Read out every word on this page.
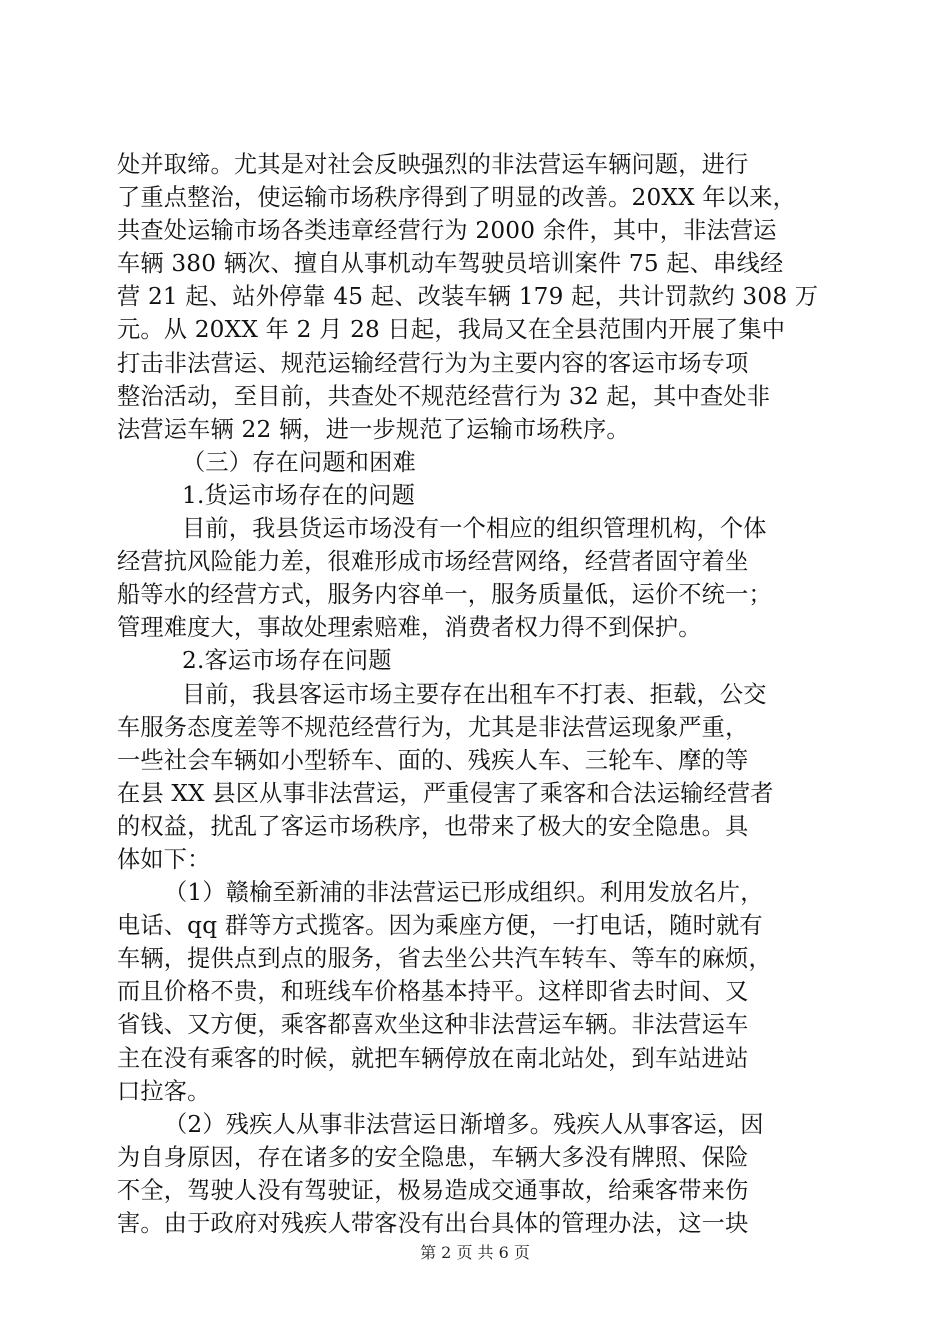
处并取缔。尤其是对社会反映强烈的非法营运车辆问题，进行
了重点整治，使运输市场秩序得到了明显的改善。20XX 年以来，
共查处运输市场各类违章经营行为 2000 余件，其中，非法营运
车辆 380 辆次、擅自从事机动车驾驶员培训案件 75 起、串线经
营 21 起、站外停靠 45 起、改装车辆 179 起，共计罚款约 308 万
元。从 20XX 年 2 月 28 日起，我局又在全县范围内开展了集中
打击非法营运、规范运输经营行为为主要内容的客运市场专项
整治活动，至目前，共查处不规范经营行为 32 起，其中查处非
法营运车辆 22 辆，进一步规范了运输市场秩序。
（三）存在问题和困难
1.货运市场存在的问题
目前，我县货运市场没有一个相应的组织管理机构，个体
经营抗风险能力差，很难形成市场经营网络，经营者固守着坐
船等水的经营方式，服务内容单一，服务质量低，运价不统一；
管理难度大，事故处理索赔难，消费者权力得不到保护。
2.客运市场存在问题
目前，我县客运市场主要存在出租车不打表、拒载，公交
车服务态度差等不规范经营行为，尤其是非法营运现象严重，
一些社会车辆如小型轿车、面的、残疾人车、三轮车、摩的等
在县 XX 县区从事非法营运，严重侵害了乘客和合法运输经营者
的权益，扰乱了客运市场秩序，也带来了极大的安全隐患。具
体如下：
（1）赣榆至新浦的非法营运已形成组织。利用发放名片，
电话、qq 群等方式揽客。因为乘座方便，一打电话，随时就有
车辆，提供点到点的服务，省去坐公共汽车转车、等车的麻烦，
而且价格不贵，和班线车价格基本持平。这样即省去时间、又
省钱、又方便，乘客都喜欢坐这种非法营运车辆。非法营运车
主在没有乘客的时候，就把车辆停放在南北站处，到车站进站
口拉客。
（2）残疾人从事非法营运日渐增多。残疾人从事客运，因
为自身原因，存在诸多的安全隐患，车辆大多没有牌照、保险
不全，驾驶人没有驾驶证，极易造成交通事故，给乘客带来伤
害。由于政府对残疾人带客没有出台具体的管理办法，这一块
第 2 页 共 6 页
